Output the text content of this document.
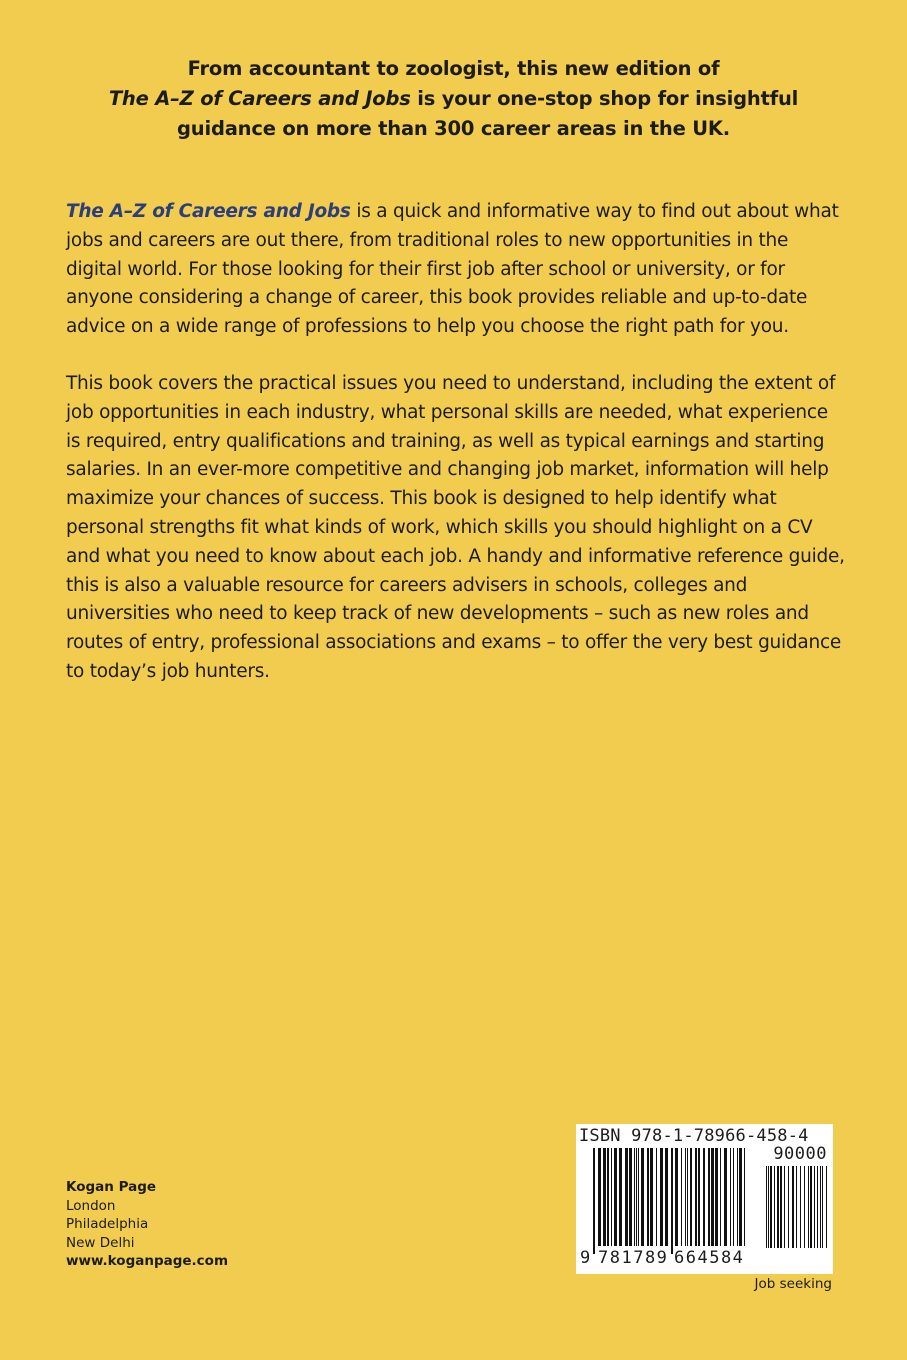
From accountant to zoologist, this new edition of
The A–Z of Careers and Jobs is your one-stop shop for insightful
guidance on more than 300 career areas in the UK.

The A–Z of Careers and Jobs is a quick and informative way to find out about what jobs and careers are out there, from traditional roles to new opportunities in the digital world. For those looking for their first job after school or university, or for anyone considering a change of career, this book provides reliable and up-to-date advice on a wide range of professions to help you choose the right path for you.

This book covers the practical issues you need to understand, including the extent of job opportunities in each industry, what personal skills are needed, what experience is required, entry qualifications and training, as well as typical earnings and starting salaries. In an ever-more competitive and changing job market, information will help maximize your chances of success. This book is designed to help identify what personal strengths fit what kinds of work, which skills you should highlight on a CV and what you need to know about each job. A handy and informative reference guide, this is also a valuable resource for careers advisers in schools, colleges and universities who need to keep track of new developments – such as new roles and routes of entry, professional associations and exams – to offer the very best guidance to today’s job hunters.

Kogan Page
London
Philadelphia
New Delhi
www.koganpage.com
ISBN 978-1-78966-458-4
90000
9 781789 664584
Job seeking
